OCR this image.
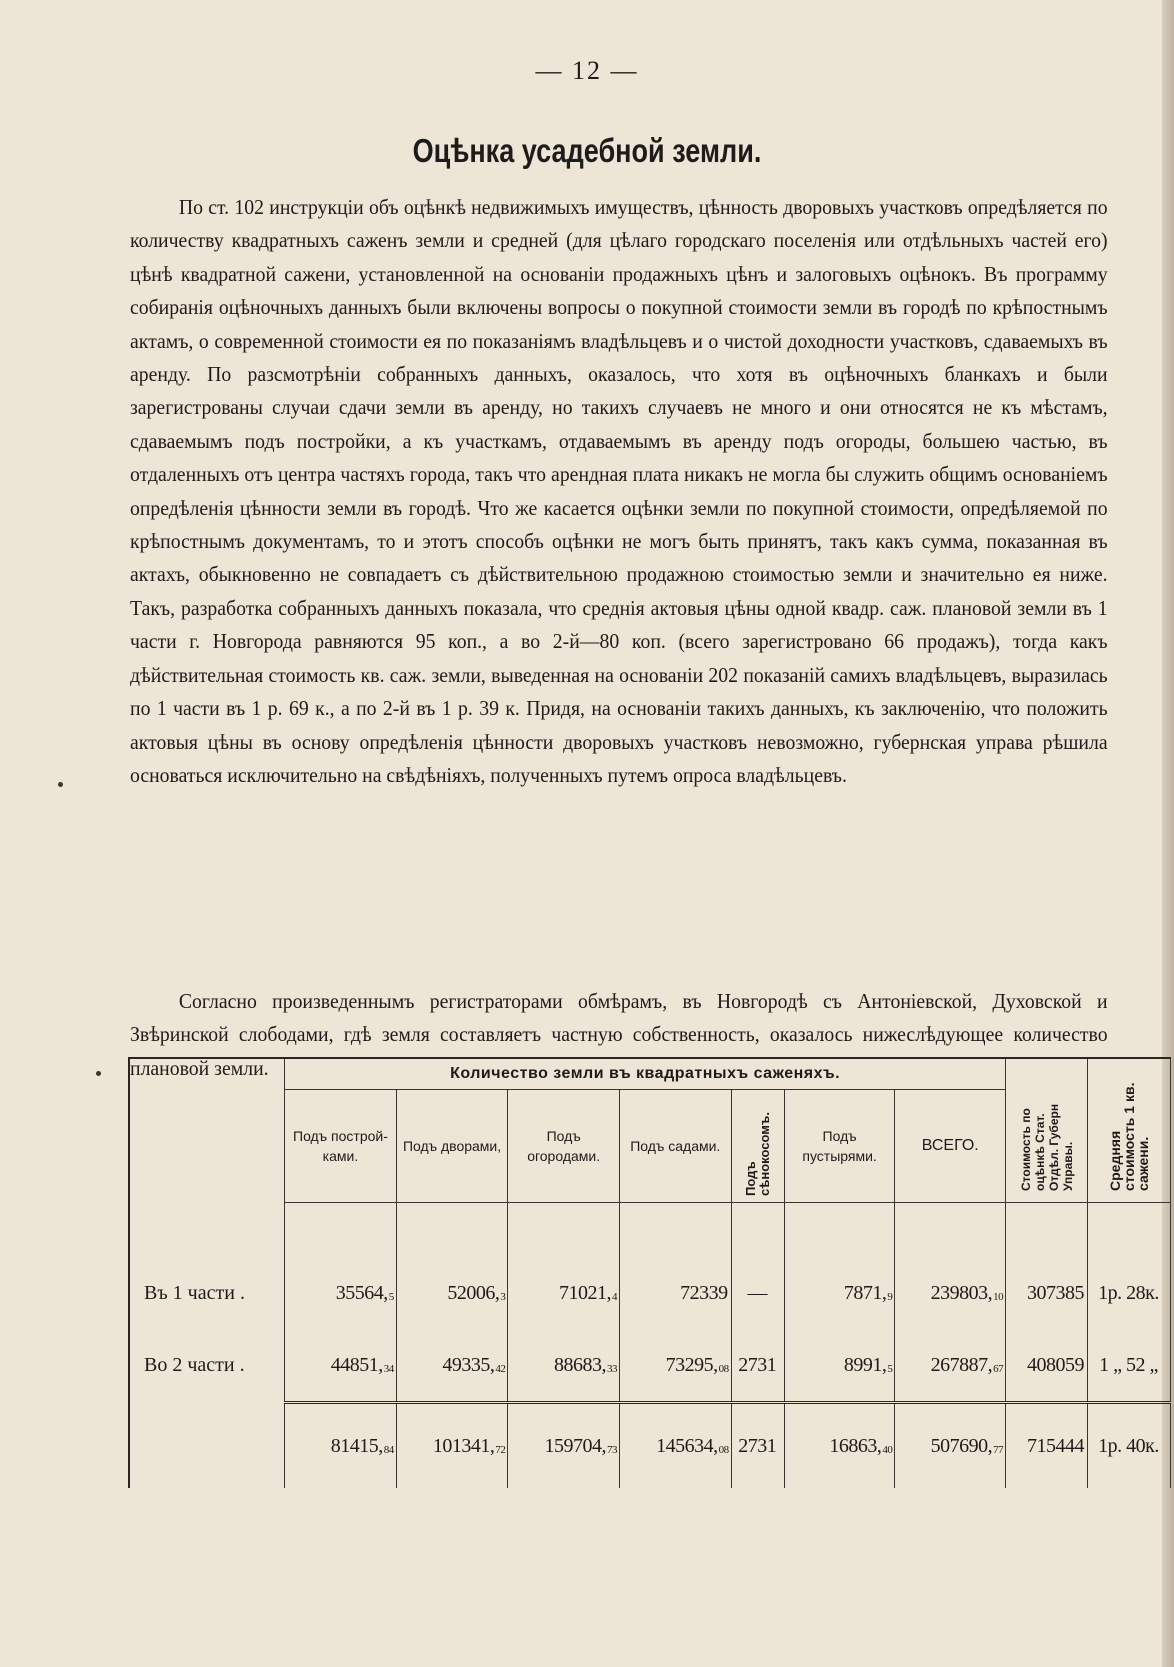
— 12 —
Оцѣнка усадебной земли.

По ст. 102 инструкціи объ оцѣнкѣ недвижимыхъ имуществъ, цѣнность дворовыхъ участковъ опредѣляется по количеству квадратныхъ саженъ земли и средней (для цѣлаго городскаго поселенія или отдѣльныхъ частей его) цѣнѣ квадратной сажени, установленной на основаніи продажныхъ цѣнъ и залоговыхъ оцѣнокъ. Въ программу собиранія оцѣночныхъ данныхъ были включены вопросы о покупной стоимости земли въ городѣ по крѣпостнымъ актамъ, о современной стоимости ея по показаніямъ владѣльцевъ и о чистой доходности участковъ, сдаваемыхъ въ аренду. По разсмотрѣніи собранныхъ данныхъ, оказалось, что хотя въ оцѣночныхъ бланкахъ и были зарегистрованы случаи сдачи земли въ аренду, но такихъ случаевъ не много и они относятся не къ мѣстамъ, сдаваемымъ подъ постройки, а къ участкамъ, отдаваемымъ въ аренду подъ огороды, большею частью, въ отдаленныхъ отъ центра частяхъ города, такъ что арендная плата никакъ не могла бы служить общимъ основаніемъ опредѣленія цѣнности земли въ городѣ. Что же касается оцѣнки земли по покупной стоимости, опредѣляемой по крѣпостнымъ документамъ, то и этотъ способъ оцѣнки не могъ быть принятъ, такъ какъ сумма, показанная въ актахъ, обыкновенно не совпадаетъ съ дѣйствительною продажною стоимостью земли и значительно ея ниже. Такъ, разработка собранныхъ данныхъ показала, что среднія актовыя цѣны одной квадр. саж. плановой земли въ 1 части г. Новгорода равняются 95 коп., а во 2-й—80 коп. (всего зарегистровано 66 продажъ), тогда какъ дѣйствительная стоимость кв. саж. земли, выведенная на основаніи 202 показаній самихъ владѣльцевъ, выразилась по 1 части въ 1 р. 69 к., а по 2-й въ 1 р. 39 к. Придя, на основаніи такихъ данныхъ, къ заключенію, что положить актовыя цѣны въ основу опредѣленія цѣнности дворовыхъ участковъ невозможно, губернская управа рѣшила основаться исключительно на свѣдѣніяхъ, полученныхъ путемъ опроса владѣльцевъ.

Согласно произведеннымъ регистраторами обмѣрамъ, въ Новгородѣ съ Антоніевской, Духовской и Звѣринской слободами, гдѣ земля составляетъ частную собственность, оказалось нижеслѣдующее количество плановой земли.

		Количество земли въ квадратныхъ саженяхъ.							Стоимость по оцѣнкѣ Стат. Отдѣл. Губерн Управы.	Средняя стоимость 1 кв. сажени.

	Подъ построй-ками.	Подъ дворами,	Подъ огородами.	Подъ садами.	Подъ сѣнокосомъ.	Подъ пустырями.	ВСЕГО.		

Въ 1 части .	35564,5	52006,3	71021,4	72339	—	7871,9	239803,10	307385	1р. 28к.
Во 2 части .	44851,34	49335,42	88683,33	73295,08	2731	8991,5	267887,67	408059	1 „ 52 „
	81415,84	101341,72	159704,73	145634,08	2731	16863,40	507690,77	715444	1р. 40к.
